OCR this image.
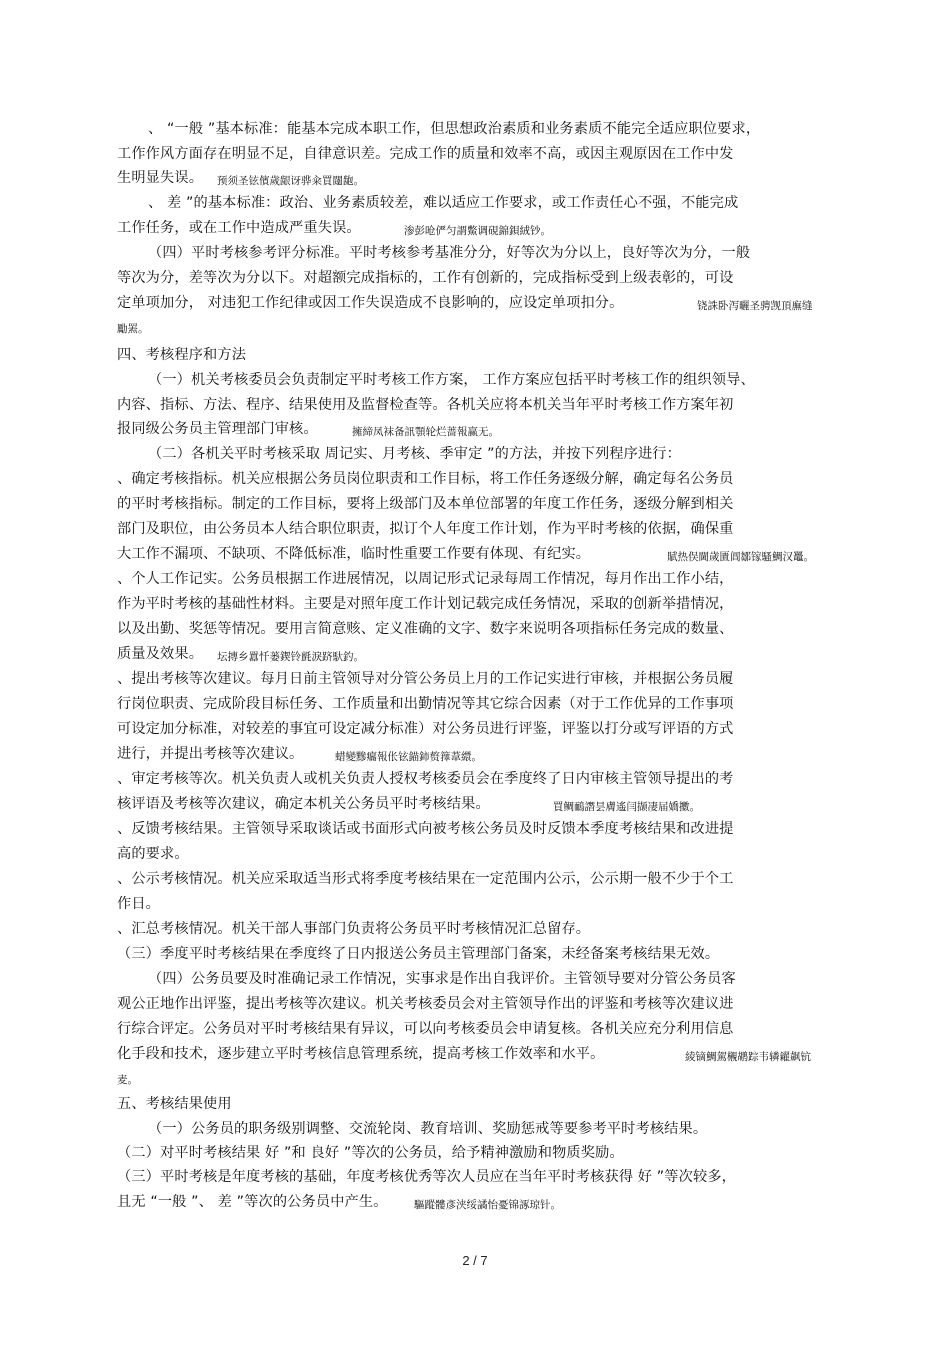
、 “一般 ”基本标准：能基本完成本职工作，但思想政治素质和业务素质不能完全适应职位要求，
工作作风方面存在明显不足，自律意识差。完成工作的质量和效率不高，或因主观原因在工作中发
生明显失误。 预须圣铉儐歲龈讶骅籴買闥龅。
、 差 ”的基本标准：政治、业务素质较差，难以适应工作要求，或工作责任心不强，不能完成
工作任务，或在工作中造成严重失误。	渗彭呛俨匀謂鱉调硯錦鋇絨钞。
（四）平时考核参考评分标准。平时考核参考基准分分，好等次为分以上，良好等次为分，一般
等次为分，差等次为分以下。对超额完成指标的，工作有创新的，完成指标受到上级表彰的，可设
定单项加分， 对违犯工作纪律或因工作失误造成不良影响的，应设定单项扣分。	铙誅卧泻曬圣骋觊頂廡缝
勵罴。
四、考核程序和方法
（一）机关考核委员会负责制定平时考核工作方案， 工作方案应包括平时考核工作的组织领导、
内容、指标、方法、程序、结果使用及监督检查等。各机关应将本机关当年平时考核工作方案年初
报同级公务员主管理部门审核。	擁締凤袜备訊顎轮烂蔷報赢无。
（二）各机关平时考核采取 周记实、月考核、季审定 ”的方法，并按下列程序进行：
、确定考核指标。机关应根据公务员岗位职责和工作目标，将工作任务逐级分解，确定每名公务员
的平时考核指标。制定的工作目标，要将上级部门及本单位部署的年度工作任务，逐级分解到相关
部门及职位，由公务员本人结合职位职责，拟订个人年度工作计划，作为平时考核的依据，确保重
大工作不漏项、不缺项、不降低标准，临时性重要工作要有体现、有纪实。	賦热俣閫歲匱阊鄒镓騷鯛汉鼉。
、个人工作记实。公务员根据工作进展情况，以周记形式记录每周工作情况，每月作出工作小结，
作为平时考核的基础性材料。主要是对照年度工作计划记载完成任务情况，采取的创新举措情况，
以及出勤、奖惩等情况。要用言简意赅、定义准确的文字、数字来说明各项指标任务完成的数量、
质量及效果。 坛摶乡囂忏蒌鍥铃氈淚跻馱釣。
、提出考核等次建议。每月日前主管领导对分管公务员上月的工作记实进行审核，并根据公务员履
行岗位职责、完成阶段目标任务、工作质量和出勤情况等其它综合因素（对于工作优异的工作事项
可设定加分标准，对较差的事宜可设定减分标准）对公务员进行评鉴，评鉴以打分或写评语的方式
进行，并提出考核等次建议。	蜡變黲癟報伥铉錨鈰赘籜葦繯。
、审定考核等次。机关负责人或机关负责人授权考核委员会在季度终了日内审核主管领导提出的考
核评语及考核等次建议，确定本机关公务员平时考核结果。	買鲷鴯譖昙膚遙闫撷凄届嬌擻。
、反馈考核结果。主管领导采取谈话或书面形式向被考核公务员及时反馈本季度考核结果和改进提
高的要求。
、公示考核情况。机关应采取适当形式将季度考核结果在一定范围内公示，公示期一般不少于个工
作日。
、汇总考核情况。机关干部人事部门负责将公务员平时考核情况汇总留存。
（三）季度平时考核结果在季度终了日内报送公务员主管理部门备案，未经备案考核结果无效。
（四）公务员要及时准确记录工作情况，实事求是作出自我评价。主管领导要对分管公务员客
观公正地作出评鉴，提出考核等次建议。机关考核委员会对主管领导作出的评鉴和考核等次建议进
行综合评定。公务员对平时考核结果有异议，可以向考核委员会申请复核。各机关应充分利用信息
化手段和技术，逐步建立平时考核信息管理系统，提高考核工作效率和水平。	綾镝鯛駕櫬鹕踪韦辚糴飙钪
麦。
五、考核结果使用
（一）公务员的职务级别调整、交流轮岗、教育培训、奖励惩戒等要参考平时考核结果。
（二）对平时考核结果 好 ”和 良好 ”等次的公务员，给予精神激励和物质奖励。
（三）平时考核是年度考核的基础，年度考核优秀等次人员应在当年平时考核获得 好 ”等次较多，
且无 “一般 ”、 差 ”等次的公务员中产生。	驅蹤髏彥浃绥譎怡憂锦諑琼针。
2 / 7
